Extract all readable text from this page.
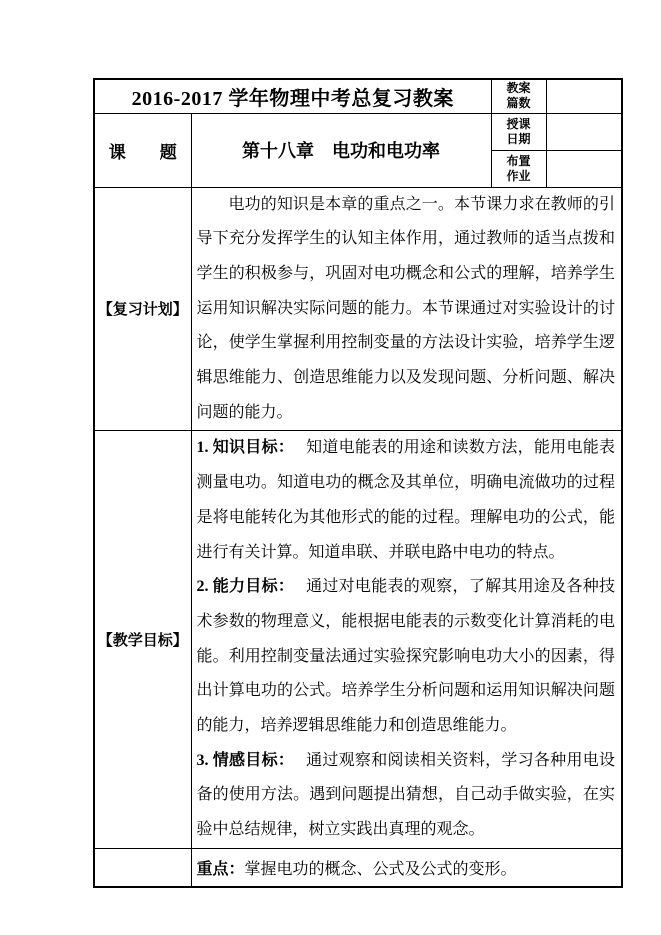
2016-2017 学年物理中考总复习教案		教案篇数	

课　　题	第十八章　电功和电功率	授课日期	

		布置作业	

【复习计划】	电功的知识是本章的重点之一。本节课力求在教师的引导下充分发挥学生的认知主体作用，通过教师的适当点拨和学生的积极参与，巩固对电功概念和公式的理解，培养学生运用知识解决实际问题的能力。本节课通过对实验设计的讨论，使学生掌握利用控制变量的方法设计实验，培养学生逻辑思维能力、创造思维能力以及发现问题、分析问题、解决问题的能力。		

【教学目标】	1. 知识目标： 知道电能表的用途和读数方法，能用电能表测量电功。知道电功的概念及其单位，明确电流做功的过程是将电能转化为其他形式的能的过程。理解电功的公式，能进行有关计算。知道串联、并联电路中电功的特点。

2. 能力目标： 通过对电能表的观察，了解其用途及各种技术参数的物理意义，能根据电能表的示数变化计算消耗的电能。利用控制变量法通过实验探究影响电功大小的因素，得出计算电功的公式。培养学生分析问题和运用知识解决问题的能力，培养逻辑思维能力和创造思维能力。

3. 情感目标： 通过观察和阅读相关资料，学习各种用电设备的使用方法。遇到问题提出猜想，自己动手做实验，在实验中总结规律，树立实践出真理的观念。		

	重点：掌握电功的概念、公式及公式的变形。		
